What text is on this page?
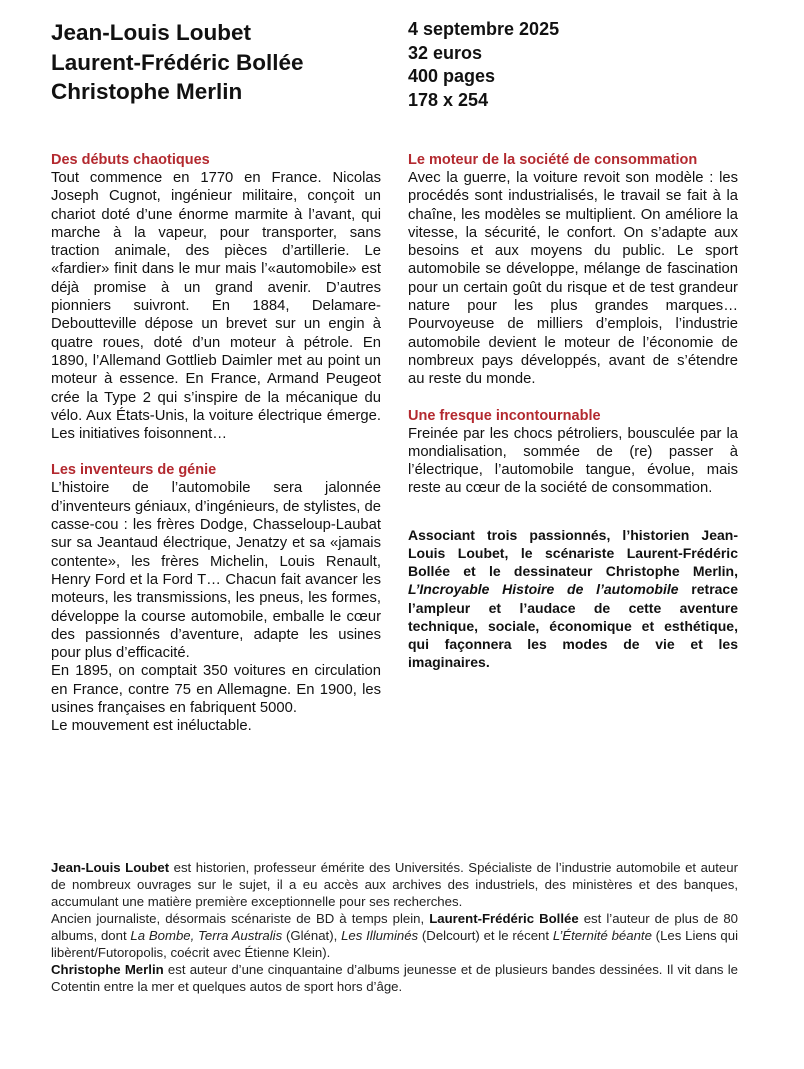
Jean-Louis Loubet
Laurent-Frédéric Bollée
Christophe Merlin
4 septembre 2025
32 euros
400 pages
178 x 254
Des débuts chaotiques

Tout commence en 1770 en France. Nicolas Joseph Cugnot, ingénieur militaire, conçoit un chariot doté d’une énorme marmite à l’avant, qui marche à la vapeur, pour transporter, sans traction animale, des pièces d’artillerie. Le «fardier» finit dans le mur mais l’«automobile» est déjà promise à un grand avenir. D’autres pionniers suivront. En 1884, Delamare-Deboutteville dépose un brevet sur un engin à quatre roues, doté d’un moteur à pétrole. En 1890, l’Allemand Gottlieb Daimler met au point un moteur à essence. En France, Armand Peugeot crée la Type 2 qui s’inspire de la mécanique du vélo. Aux États-Unis, la voiture électrique émerge. Les initiatives foisonnent…

Les inventeurs de génie

L’histoire de l’automobile sera jalonnée d’inventeurs géniaux, d’ingénieurs, de stylistes, de casse-cou : les frères Dodge, Chasseloup-Laubat sur sa Jeantaud électrique, Jenatzy et sa «jamais contente», les frères Michelin, Louis Renault, Henry Ford et la Ford T… Chacun fait avancer les moteurs, les transmissions, les pneus, les formes, développe la course automobile, emballe le cœur des passionnés d’aventure, adapte les usines pour plus d’efficacité.

En 1895, on comptait 350 voitures en circulation en France, contre 75 en Allemagne. En 1900, les usines françaises en fabriquent 5000.

Le mouvement est inéluctable.

Le moteur de la société de consommation

Avec la guerre, la voiture revoit son modèle : les procédés sont industrialisés, le travail se fait à la chaîne, les modèles se multiplient. On améliore la vitesse, la sécurité, le confort. On s’adapte aux besoins et aux moyens du public. Le sport automobile se développe, mélange de fascination pour un certain goût du risque et de test grandeur nature pour les plus grandes marques… Pourvoyeuse de milliers d’emplois, l’industrie automobile devient le moteur de l’économie de nombreux pays développés, avant de s’étendre au reste du monde.

Une fresque incontournable

Freinée par les chocs pétroliers, bousculée par la mondialisation, sommée de (re) passer à l’électrique, l’automobile tangue, évolue, mais reste au cœur de la société de consommation.

Associant trois passionnés, l’historien Jean-Louis Loubet, le scénariste Laurent-Frédéric Bollée et le dessinateur Christophe Merlin, L’Incroyable Histoire de l’automobile retrace l’ampleur et l’audace de cette aventure technique, sociale, économique et esthétique, qui façonnera les modes de vie et les imaginaires.

Jean-Louis Loubet est historien, professeur émérite des Universités. Spécialiste de l’industrie automobile et auteur de nombreux ouvrages sur le sujet, il a eu accès aux archives des industriels, des ministères et des banques, accumulant une matière première exceptionnelle pour ses recherches.

Ancien journaliste, désormais scénariste de BD à temps plein, Laurent-Frédéric Bollée est l’auteur de plus de 80 albums, dont La Bombe, Terra Australis (Glénat), Les Illuminés (Delcourt) et le récent L’Éternité béante (Les Liens qui libèrent/Futoropolis, coécrit avec Étienne Klein).

Christophe Merlin est auteur d’une cinquantaine d’albums jeunesse et de plusieurs bandes dessinées. Il vit dans le Cotentin entre la mer et quelques autos de sport hors d’âge.
